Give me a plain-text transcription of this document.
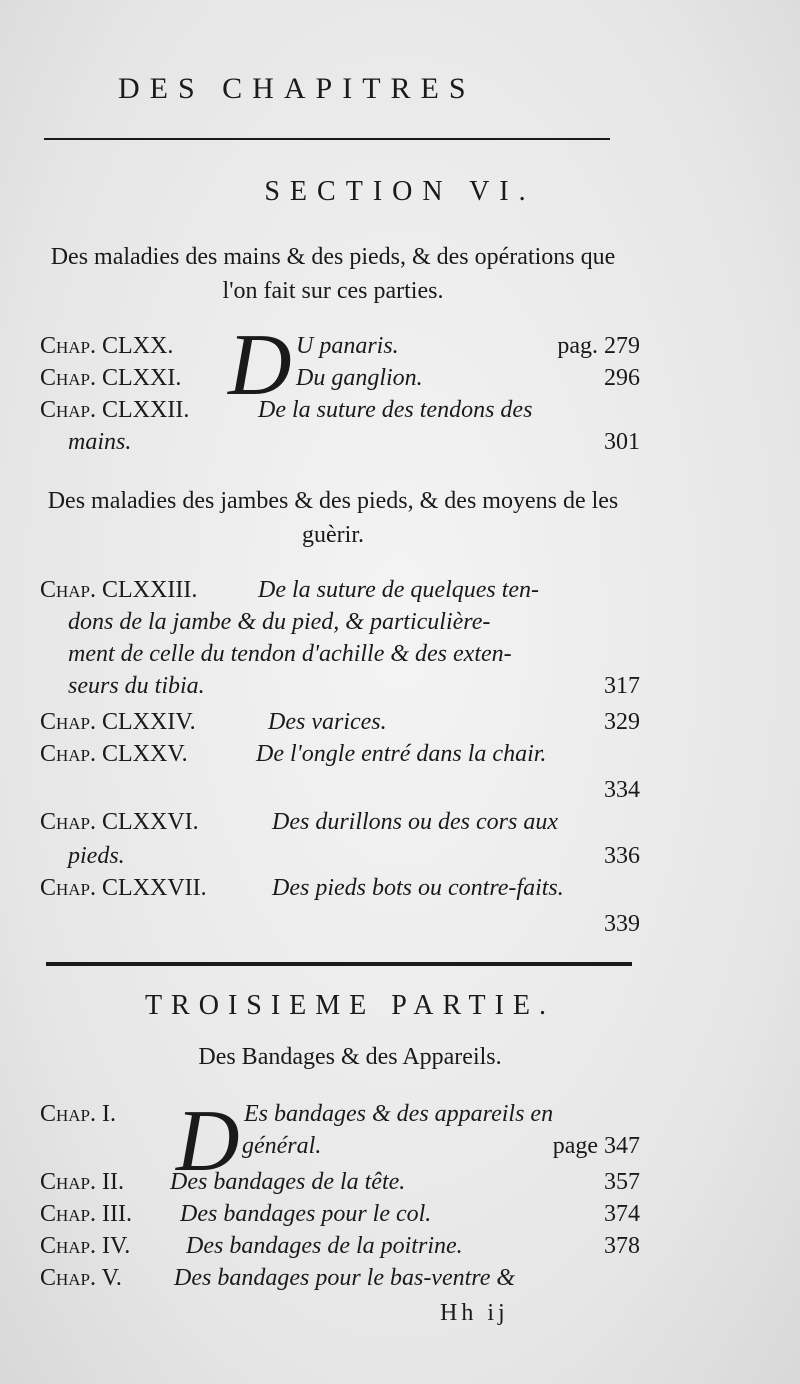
DES CHAPITRES
SECTION VI.
Des maladies des mains & des pieds, & des opérations que l'on fait sur ces parties.
D
Chap. CLXX.	U panaris.	pag. 279
Chap. CLXXI.	Du ganglion.	296
Chap. CLXXII.	De la suture des tendons des
mains.	301
Des maladies des jambes & des pieds, & des moyens de les guèrir.
Chap. CLXXIII.	De la suture de quelques ten-
dons de la jambe & du pied, & particulière-
ment de celle du tendon d'achille & des exten-
seurs du tibia.	317
Chap. CLXXIV.	Des varices.	329
Chap. CLXXV.	De l'ongle entré dans la chair.
334
Chap. CLXXVI.	Des durillons ou des cors aux
pieds.	336
Chap. CLXXVII.	Des pieds bots ou contre-faits.
339
TROISIEME PARTIE.
Des Bandages & des Appareils.
D
Chap. I.	Es bandages & des appareils en
général.	page 347
Chap. II. Des bandages de la tête.	357
Chap. III. Des bandages pour le col.	374
Chap. IV. Des bandages de la poitrine.	378
Chap. V. Des bandages pour le bas-ventre &
Hh ij
